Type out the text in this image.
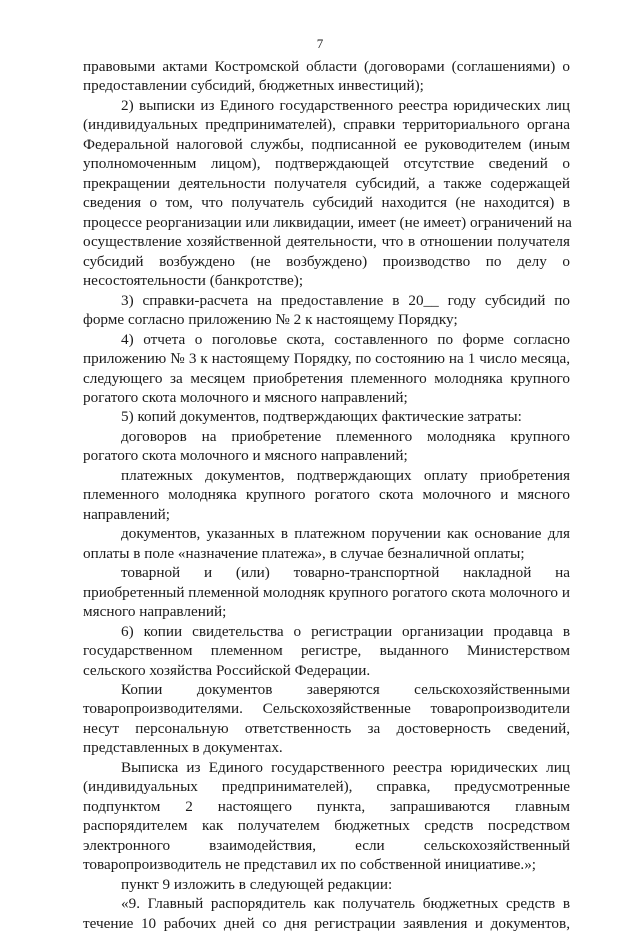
7
правовыми актами Костромской области (договорами (соглашениями) о
предоставлении субсидий, бюджетных инвестиций);
2) выписки из Единого государственного реестра юридических лиц
(индивидуальных предпринимателей), справки территориального органа
Федеральной налоговой службы, подписанной ее руководителем (иным
уполномоченным лицом), подтверждающей отсутствие сведений о
прекращении деятельности получателя субсидий, а также содержащей
сведения о том, что получатель субсидий находится (не находится) в
процессе реорганизации или ликвидации, имеет (не имеет) ограничений на
осуществление хозяйственной деятельности, что в отношении получателя
субсидий возбуждено (не возбуждено) производство по делу о
несостоятельности (банкротстве);
3) справки-расчета на предоставление в 20__ году субсидий по
форме согласно приложению № 2 к настоящему Порядку;
4) отчета о поголовье скота, составленного по форме согласно
приложению № 3 к настоящему Порядку, по состоянию на 1 число месяца,
следующего за месяцем приобретения племенного молодняка крупного
рогатого скота молочного и мясного направлений;
5) копий документов, подтверждающих фактические затраты:
договоров на приобретение племенного молодняка крупного
рогатого скота молочного и мясного направлений;
платежных документов, подтверждающих оплату приобретения
племенного молодняка крупного рогатого скота молочного и мясного
направлений;
документов, указанных в платежном поручении как основание для
оплаты в поле «назначение платежа», в случае безналичной оплаты;
товарной и (или) товарно-транспортной накладной на
приобретенный племенной молодняк крупного рогатого скота молочного и
мясного направлений;
6) копии свидетельства о регистрации организации продавца в
государственном племенном регистре, выданного Министерством
сельского хозяйства Российской Федерации.
Копии документов заверяются сельскохозяйственными
товаропроизводителями. Сельскохозяйственные товаропроизводители
несут персональную ответственность за достоверность сведений,
представленных в документах.
Выписка из Единого государственного реестра юридических лиц
(индивидуальных предпринимателей), справка, предусмотренные
подпунктом 2 настоящего пункта, запрашиваются главным
распорядителем как получателем бюджетных средств посредством
электронного взаимодействия, если сельскохозяйственный
товаропроизводитель не представил их по собственной инициативе.»;
пункт 9 изложить в следующей редакции:
«9. Главный распорядитель как получатель бюджетных средств в
течение 10 рабочих дней со дня регистрации заявления и документов,
